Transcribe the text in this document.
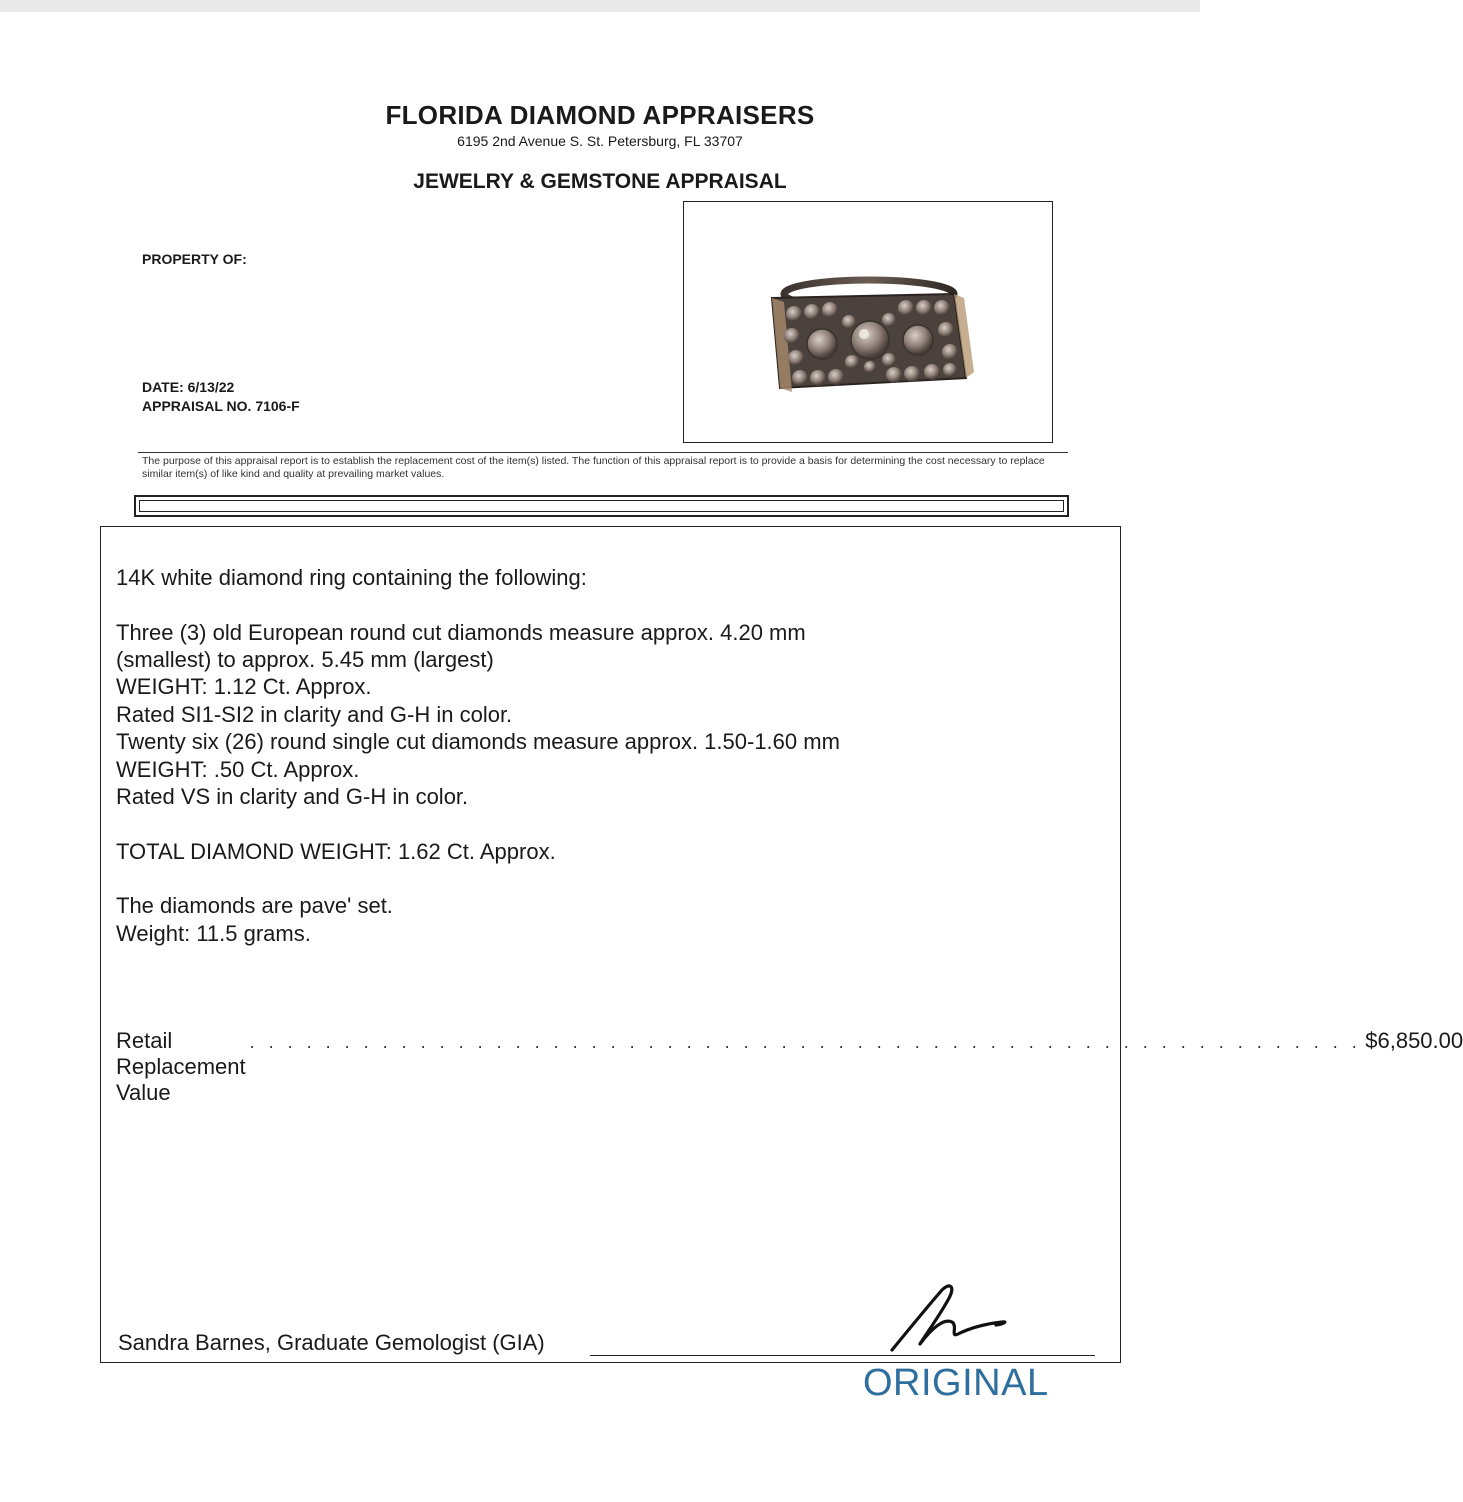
FLORIDA DIAMOND APPRAISERS
6195 2nd Avenue S. St. Petersburg, FL 33707
JEWELRY & GEMSTONE APPRAISAL
PROPERTY OF:
DATE: 6/13/22
APPRAISAL NO. 7106-F
The purpose of this appraisal report is to establish the replacement cost of the item(s) listed. The function of this appraisal report is to provide a basis for determining the cost necessary to replace similar item(s) of like kind and quality at prevailing market values.
14K white diamond ring containing the following:
Three (3) old European round cut diamonds measure approx. 4.20 mm
(smallest) to approx. 5.45 mm (largest)
WEIGHT: 1.12 Ct. Approx.
Rated SI1-SI2 in clarity and G-H in color.
Twenty six (26) round single cut diamonds measure approx. 1.50-1.60 mm
WEIGHT: .50 Ct. Approx.
Rated VS in clarity and G-H in color.
TOTAL DIAMOND WEIGHT: 1.62 Ct. Approx.
The diamonds are pave' set.
Weight: 11.5 grams.
Retail Replacement Value
. . . . . . . . . . . . . . . . . . . . . . . . . . . . . . . . . . . . . . . . . . . . . . . . . . . . . . . . . . . $6,850.00
Sandra Barnes, Graduate Gemologist (GIA)
ORIGINAL
